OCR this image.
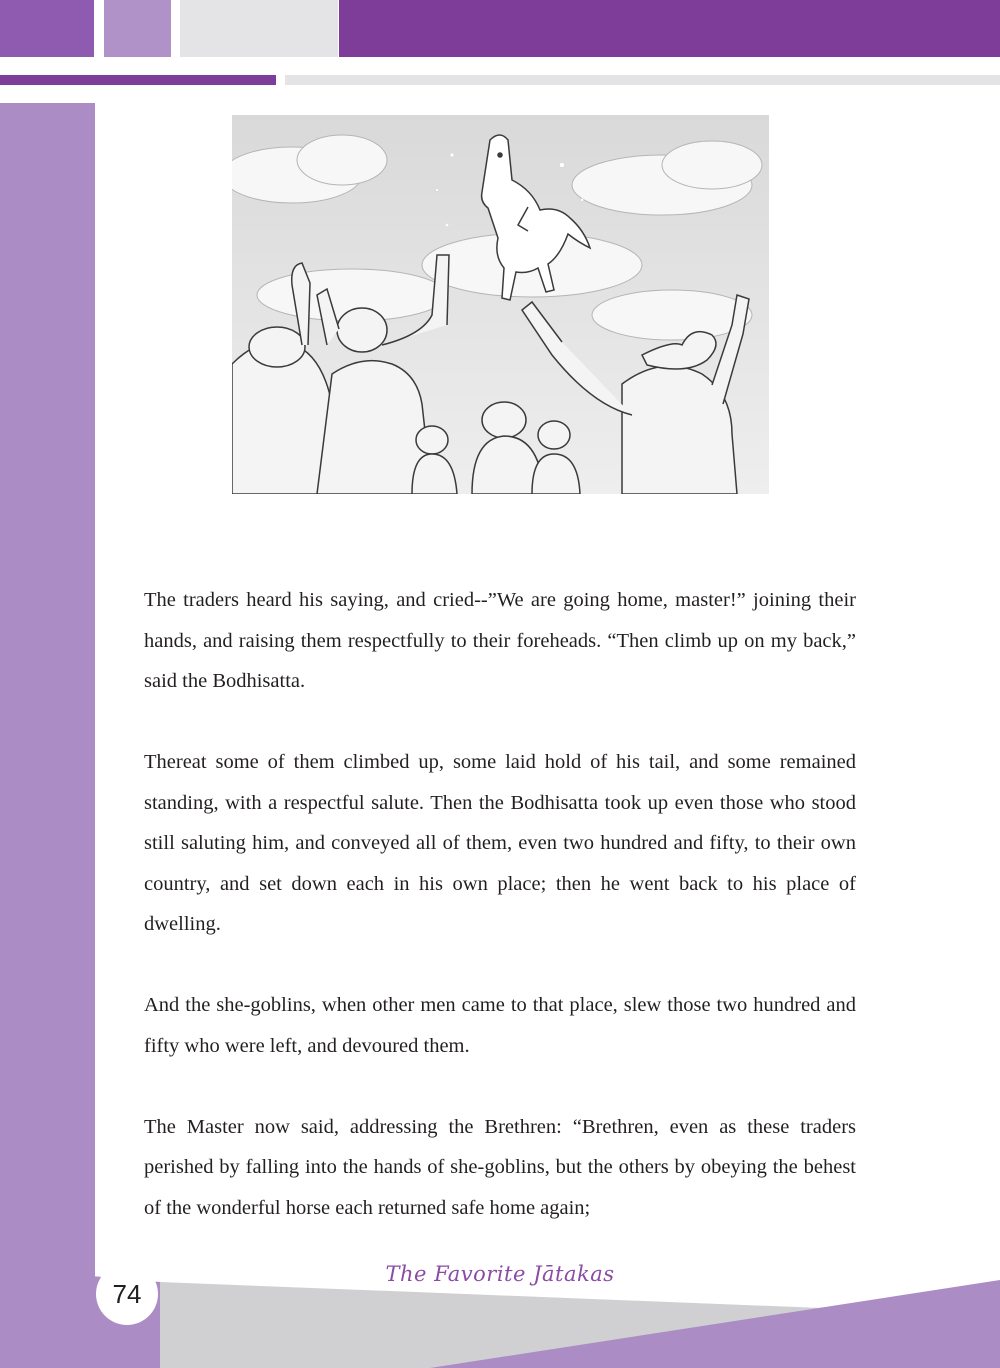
The traders heard his saying, and cried--”We are going home, master!” joining their hands, and raising them respectfully to their foreheads. “Then climb up on my back,” said the Bodhisatta.

Thereat some of them climbed up, some laid hold of his tail, and some remained standing, with a respectful salute. Then the Bodhisatta took up even those who stood still saluting him, and conveyed all of them, even two hundred and fifty, to their own country, and set down each in his own place; then he went back to his place of dwelling.

And the she-goblins, when other men came to that place, slew those two hundred and fifty who were left, and devoured them.

The Master now said, addressing the Brethren: “Brethren, even as these traders perished by falling into the hands of she-goblins, but the others by obeying the behest of the wonderful horse each returned safe home again;

74
The Favorite Jātakas
